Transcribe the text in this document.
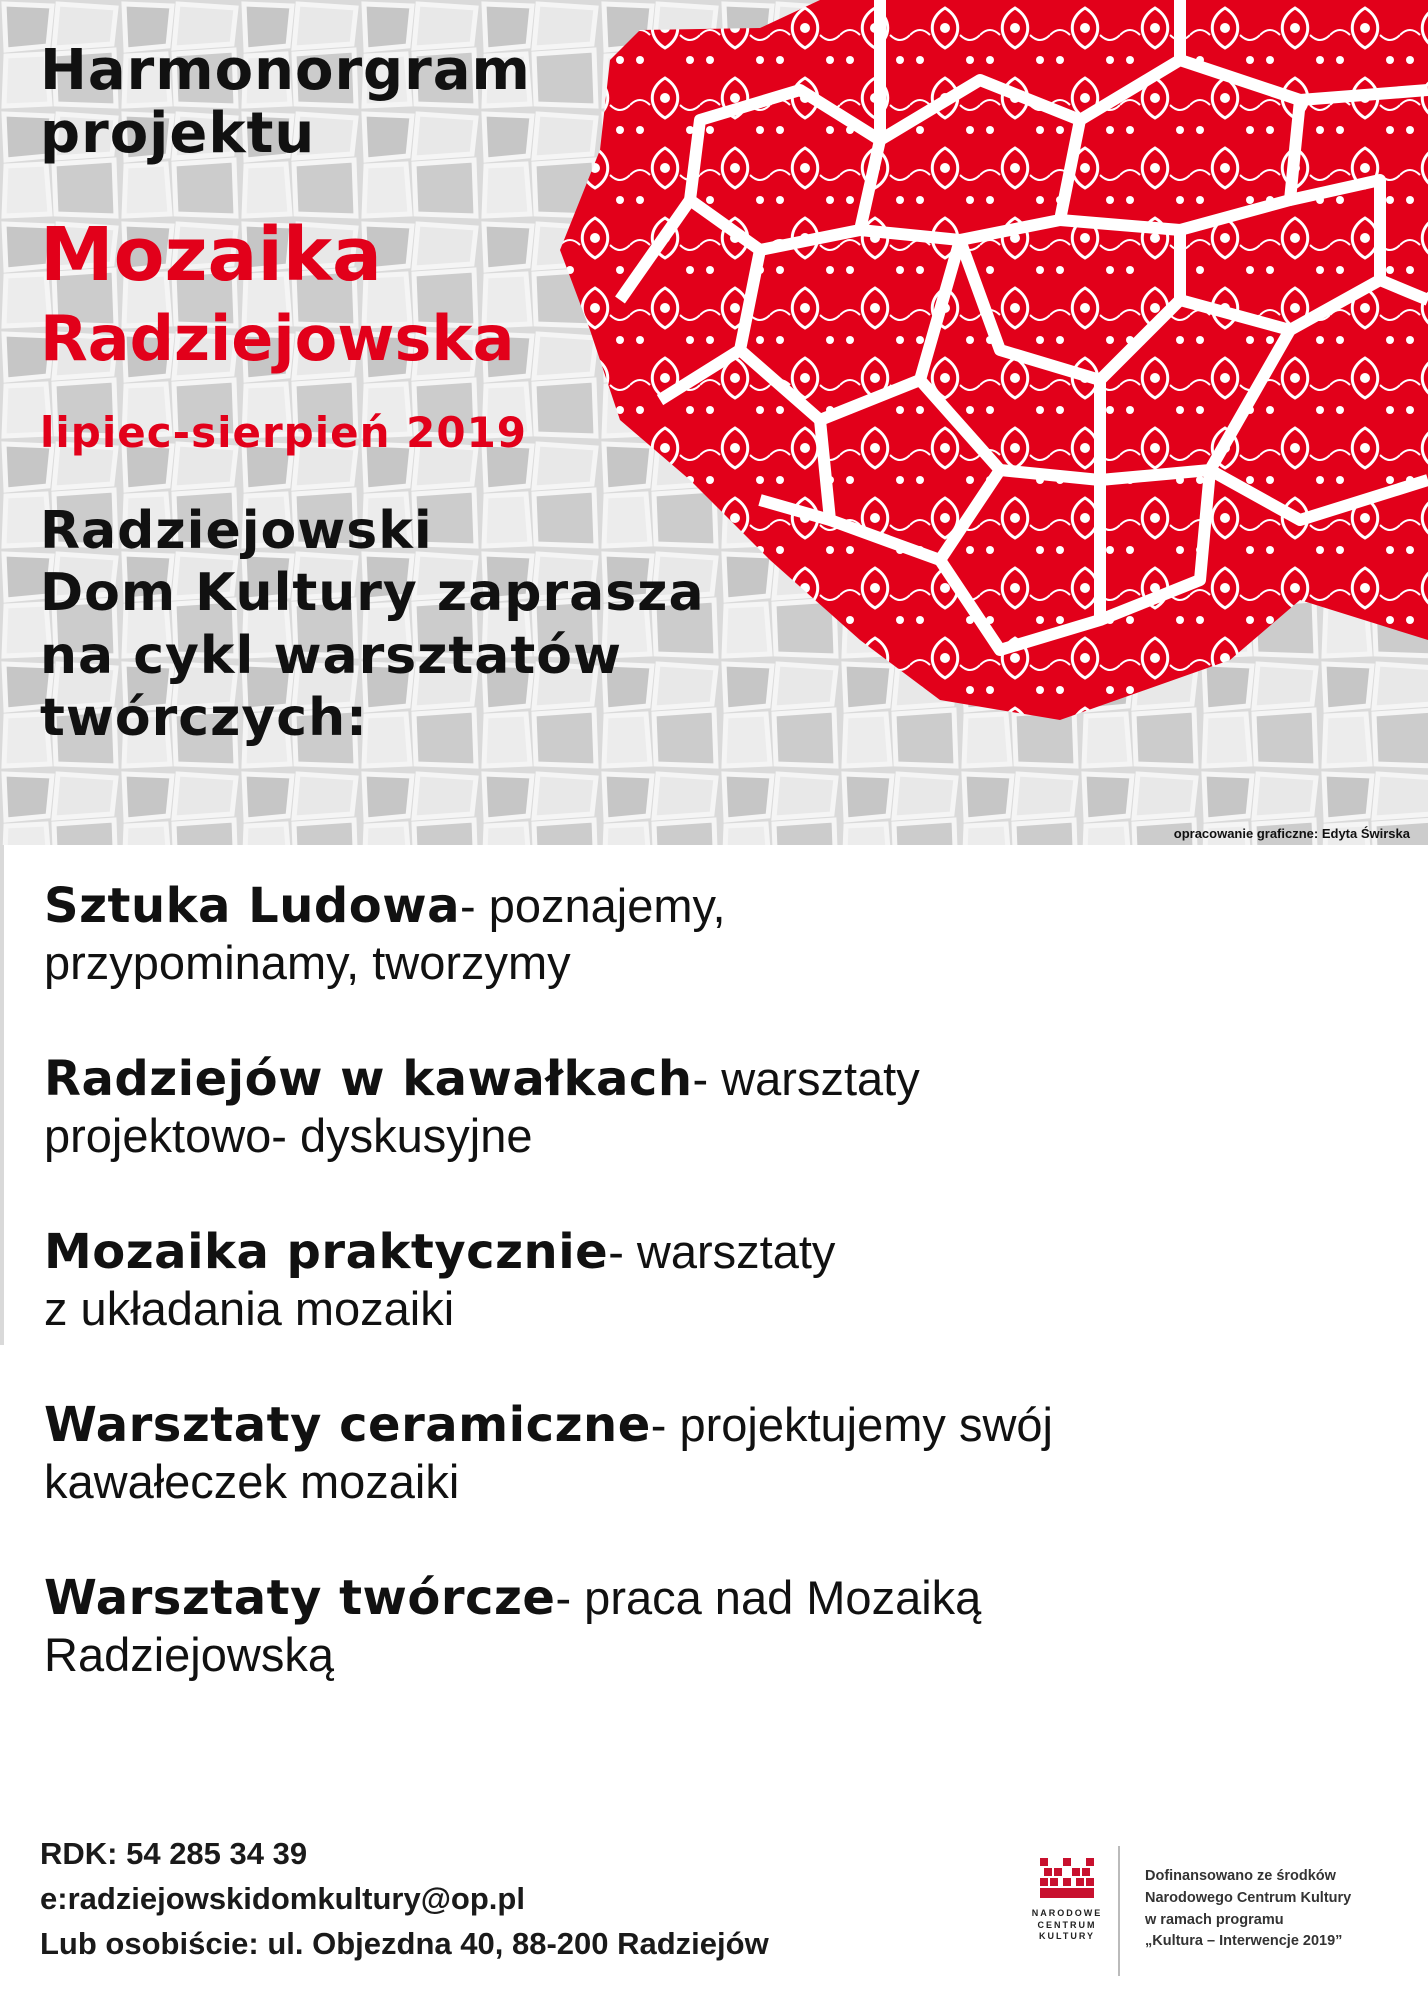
Harmonorgram
projektu
Mozaika
Radziejowska
lipiec-sierpień 2019
Radziejowski
Dom Kultury zaprasza
na cykl warsztatów
twórczych:
opracowanie graficzne: Edyta Świrska
Sztuka Ludowa- poznajemy,
przypominamy, tworzymy
Radziejów w kawałkach- warsztaty
projektowo- dyskusyjne
Mozaika praktycznie- warsztaty
z układania mozaiki
Warsztaty ceramiczne- projektujemy swój
kawałeczek mozaiki
Warsztaty twórcze- praca nad Mozaiką
Radziejowską
RDK: 54 285 34 39
e:radziejowskidomkultury@op.pl
Lub osobiście: ul. Objezdna 40, 88-200 Radziejów
NARODOWE
CENTRUM
KULTURY
Dofinansowano ze środków
Narodowego Centrum Kultury
w ramach programu
„Kultura – Interwencje 2019”
